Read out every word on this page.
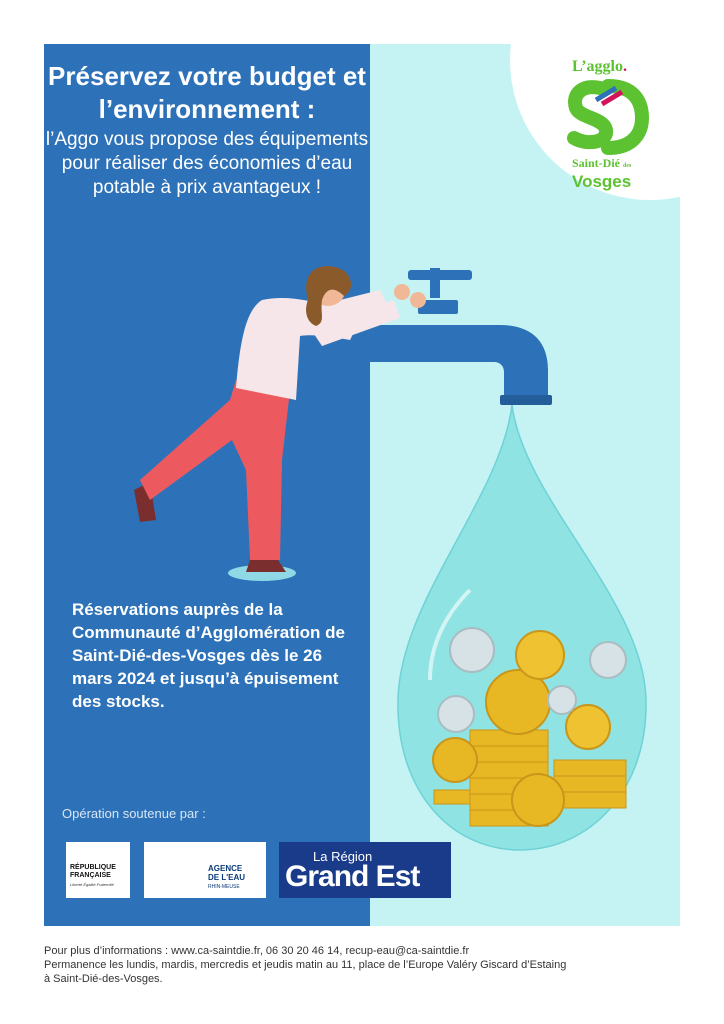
Préservez votre budget et l’environnement :
l’Aggo vous propose des équipements pour réaliser des économies d’eau potable à prix avantageux !
Réservations auprès de la Communauté d’Agglomération de Saint-Dié-des-Vosges dès le 26 mars 2024 et jusqu’à épuisement des stocks.
Opération soutenue par :
L’agglo.
Saint-Dié des
Vosges
RÉPUBLIQUE
FRANÇAISE
Liberté Égalité Fraternité
AGENCE
DE L'EAU
RHIN-MEUSE
La Région
Grand Est
Pour plus d’informations : www.ca-saintdie.fr, 06 30 20 46 14, recup-eau@ca-saintdie.fr
Permanence les lundis, mardis, mercredis et jeudis matin au 11, place de l’Europe Valéry Giscard d’Estaing
à Saint-Dié-des-Vosges.
